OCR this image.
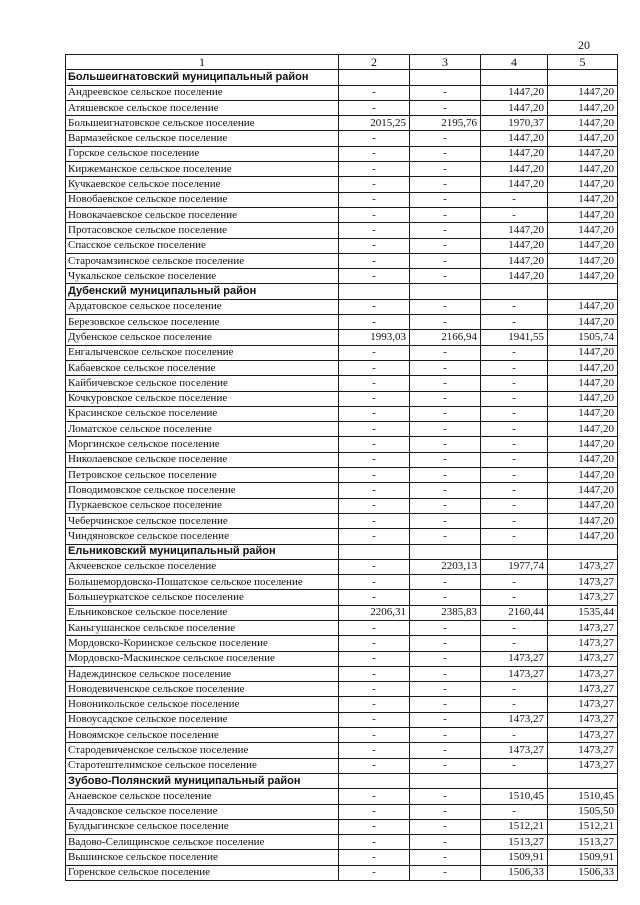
20
1	2	3	4	5
Большеигнатовский муниципальный район				
Андреевское сельское поселение	-	-	1447,20	1447,20
Атяшевское сельское поселение	-	-	1447,20	1447,20
Большеигнатовское сельское поселение	2015,25	2195,76	1970,37	1447,20
Вармазейское сельское поселение	-	-	1447,20	1447,20
Горское сельское поселение	-	-	1447,20	1447,20
Киржеманское сельское поселение	-	-	1447,20	1447,20
Кучкаевское сельское поселение	-	-	1447,20	1447,20
Новобаевское сельское поселение	-	-	-	1447,20
Новокачаевское сельское поселение	-	-	-	1447,20
Протасовское сельское поселение	-	-	1447,20	1447,20
Спасское сельское поселение	-	-	1447,20	1447,20
Старочамзинское сельское поселение	-	-	1447,20	1447,20
Чукальское сельское поселение	-	-	1447,20	1447,20
Дубенский муниципальный район				
Ардатовское сельское поселение	-	-	-	1447,20
Березовское сельское поселение	-	-	-	1447,20
Дубенское сельское поселение	1993,03	2166,94	1941,55	1505,74
Енгалычевское сельское поселение	-	-	-	1447,20
Кабаевское сельское поселение	-	-	-	1447,20
Кайбичевское сельское поселение	-	-	-	1447,20
Кочкуровское сельское поселение	-	-	-	1447,20
Красинское сельское поселение	-	-	-	1447,20
Ломатское сельское поселение	-	-	-	1447,20
Моргинское сельское поселение	-	-	-	1447,20
Николаевское сельское поселение	-	-	-	1447,20
Петровское сельское поселение	-	-	-	1447,20
Поводимовское сельское поселение	-	-	-	1447,20
Пуркаевское сельское поселение	-	-	-	1447,20
Чеберчинское сельское поселение	-	-	-	1447,20
Чиндяновское сельское поселение	-	-	-	1447,20
Ельниковский муниципальный район				
Акчеевское сельское поселение	-	2203,13	1977,74	1473,27
Большемордовско-Пошатское сельское поселение	-	-	-	1473,27
Большеуркатское сельское поселение	-	-	-	1473,27
Ельниковское сельское поселение	2206,31	2385,83	2160,44	1535,44
Каньгушанское сельское поселение	-	-	-	1473,27
Мордовско-Коринское сельское поселение	-	-	-	1473,27
Мордовско-Маскинское сельское поселение	-	-	1473,27	1473,27
Надеждинское сельское поселение	-	-	1473,27	1473,27
Новодевиченское сельское поселение	-	-	-	1473,27
Новоникольское сельское поселение	-	-	-	1473,27
Новоусадское сельское поселение	-	-	1473,27	1473,27
Новоямское сельское поселение	-	-	-	1473,27
Стародевиченское сельское поселение	-	-	1473,27	1473,27
Старотештелимское сельское поселение	-	-	-	1473,27
Зубово-Полянский муниципальный район				
Анаевское сельское поселение	-	-	1510,45	1510,45
Ачадовское сельское поселение	-	-	-	1505,50
Булдыгинское сельское поселение	-	-	1512,21	1512,21
Вадово-Селищинское сельское поселение	-	-	1513,27	1513,27
Вышинское сельское поселение	-	-	1509,91	1509,91
Горенское сельское поселение	-	-	1506,33	1506,33
